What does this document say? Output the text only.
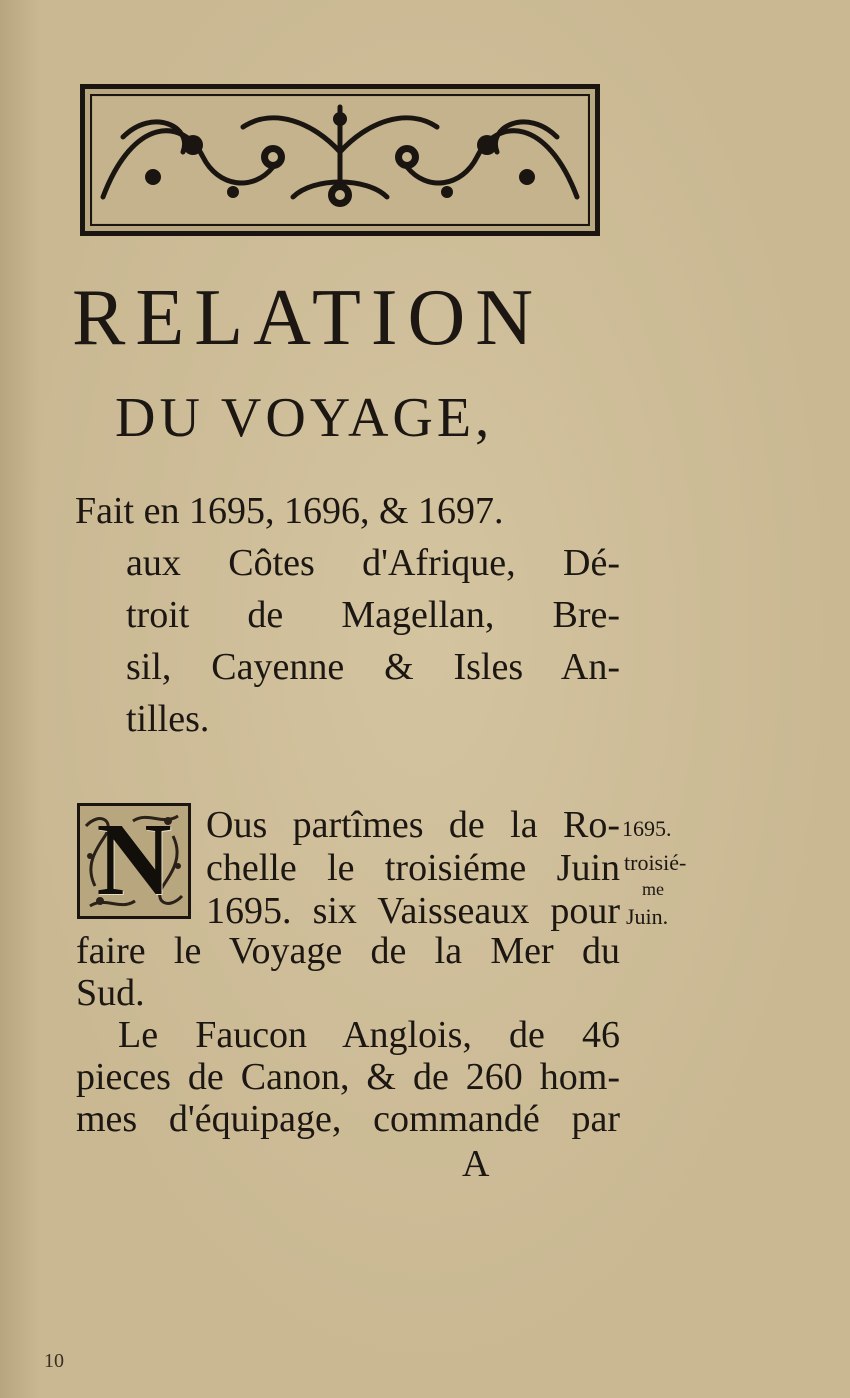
RELATION
DU VOYAGE,
Fait en 1695, 1696, & 1697.
aux Côtes d'Afrique, Dé-
troit de Magellan, Bre-
sil, Cayenne & Isles An-
tilles.
N Ous partîmes de la Ro-
chelle le troisiéme Juin
1695. six Vaisseaux pour
faire le Voyage de la Mer du
Sud.
Le Faucon Anglois, de 46
pieces de Canon, & de 260 hom-
mes d'équipage, commandé par
1695.
troisié-
me
Juin.
A
10
